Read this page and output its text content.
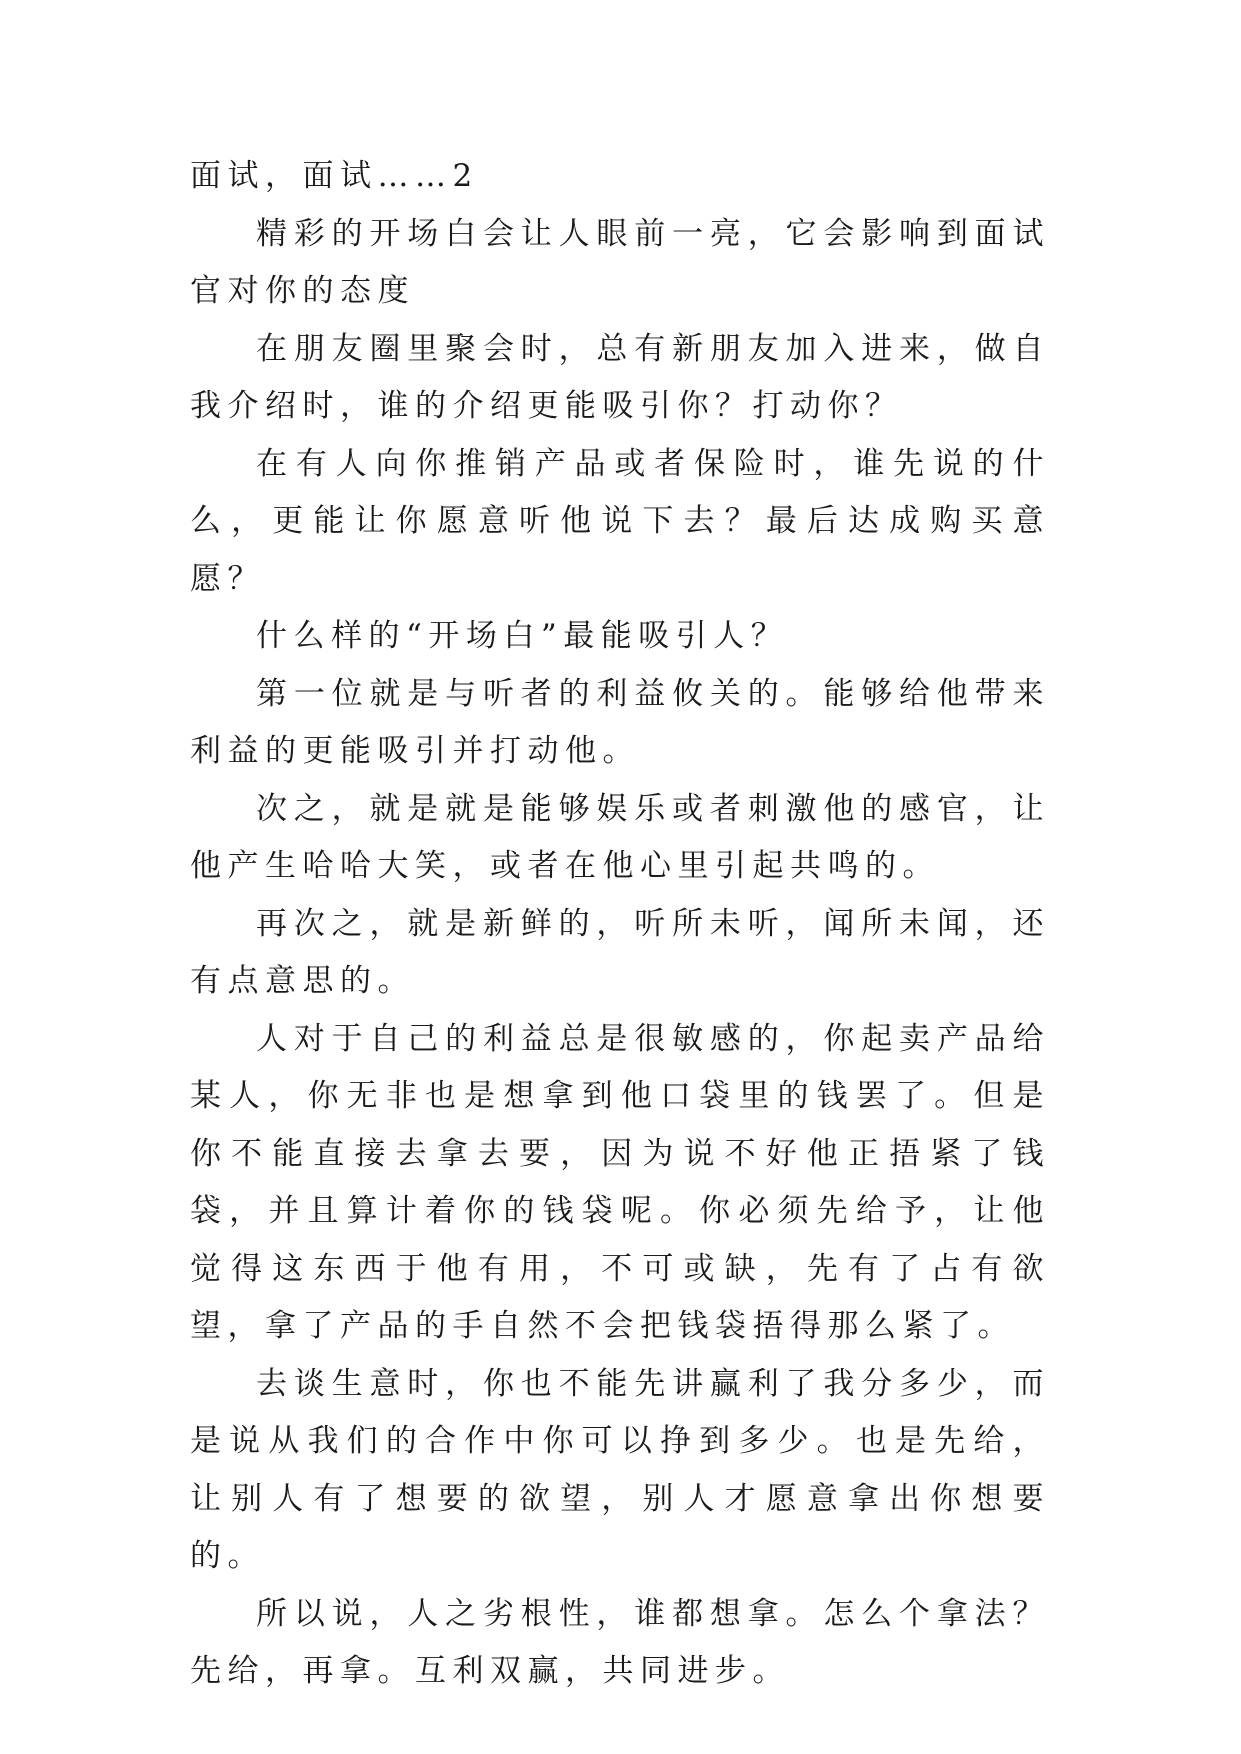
面试，面试……2

精彩的开场白会让人眼前一亮，它会影响到面试官对你的态度

在朋友圈里聚会时，总有新朋友加入进来，做自我介绍时，谁的介绍更能吸引你？打动你？

在有人向你推销产品或者保险时，谁先说的什么，更能让你愿意听他说下去？最后达成购买意愿？

什么样的“开场白”最能吸引人？

第一位就是与听者的利益攸关的。能够给他带来利益的更能吸引并打动他。

次之，就是就是能够娱乐或者刺激他的感官，让他产生哈哈大笑，或者在他心里引起共鸣的。

再次之，就是新鲜的，听所未听，闻所未闻，还有点意思的。

人对于自己的利益总是很敏感的，你起卖产品给某人，你无非也是想拿到他口袋里的钱罢了。但是你不能直接去拿去要，因为说不好他正捂紧了钱袋，并且算计着你的钱袋呢。你必须先给予，让他觉得这东西于他有用，不可或缺，先有了占有欲望，拿了产品的手自然不会把钱袋捂得那么紧了。

去谈生意时，你也不能先讲赢利了我分多少，而是说从我们的合作中你可以挣到多少。也是先给，让别人有了想要的欲望，别人才愿意拿出你想要的。

所以说，人之劣根性，谁都想拿。怎么个拿法？先给，再拿。互利双赢，共同进步。
